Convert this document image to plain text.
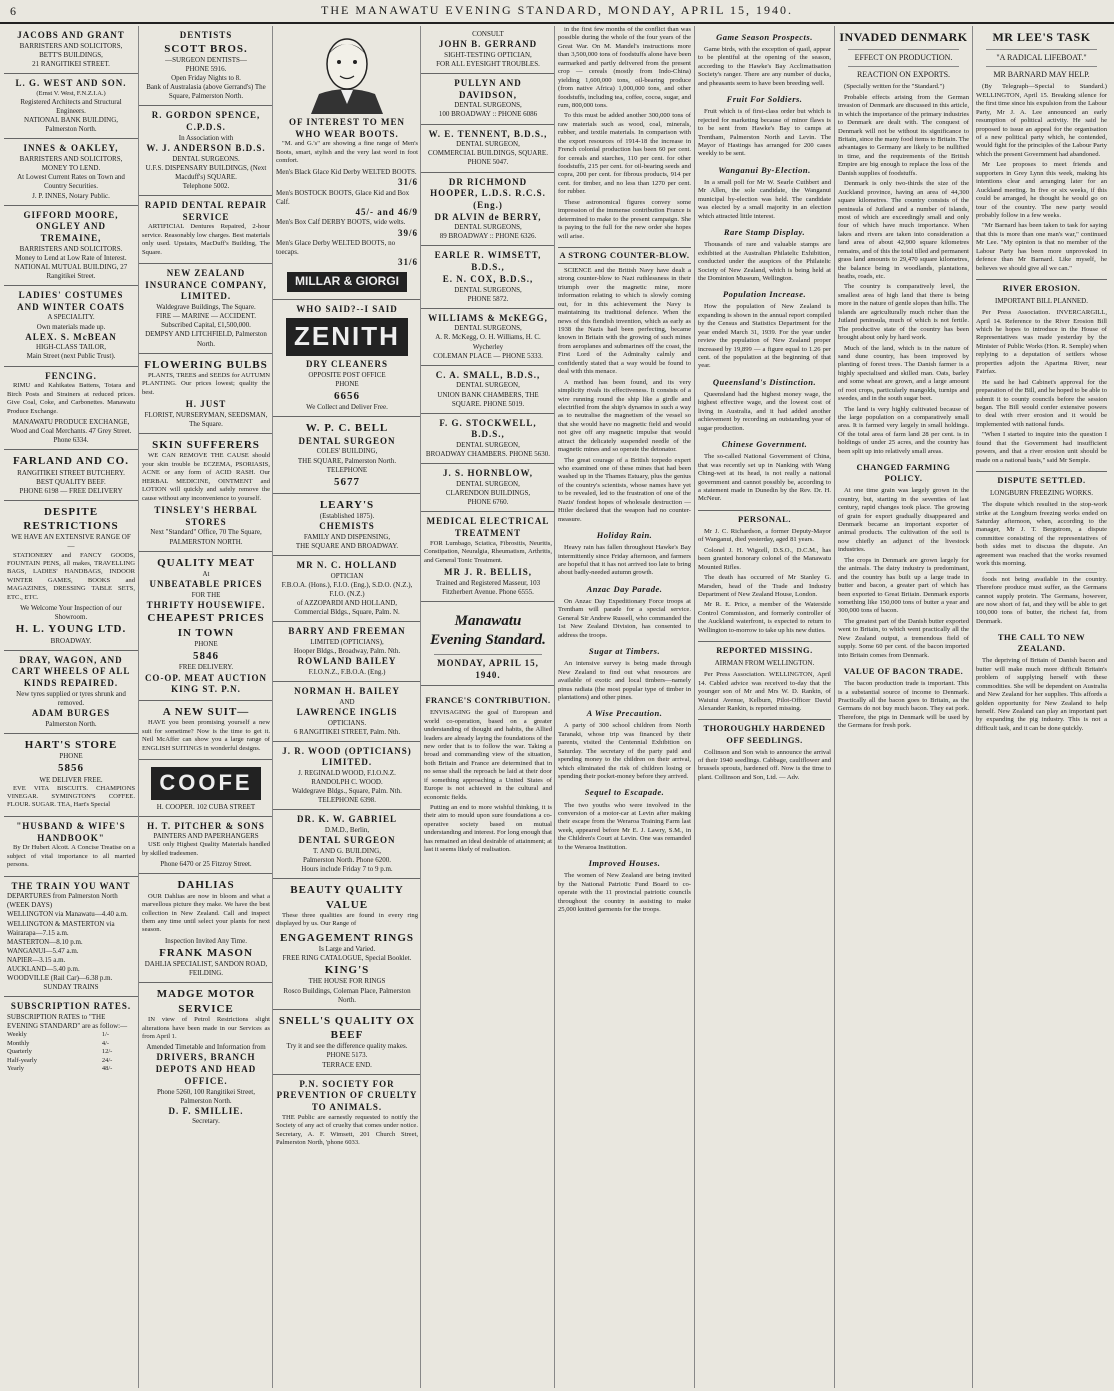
6	THE MANAWATU EVENING STANDARD, MONDAY, APRIL 15, 1940.
JACOBS AND GRANT
BARRISTERS AND SOLICITORS,
BETT'S BUILDINGS,
21 RANGITIKEI STREET.
L. G. WEST AND SON.
(Ernst V. West, F.N.Z.I.A.)
Registered Architects and Structural Engineers.
NATIONAL BANK BUILDING,
Palmerston North.
INNES & OAKLEY,
BARRISTERS AND SOLICITORS, MONEY TO LEND.
At Lowest Current Rates on Town and Country Securities.
J. P. INNES, Notary Public.
GIFFORD MOORE, ONGLEY AND TREMAINE,
BARRISTERS AND SOLICITORS.
Money to Lend at Low Rate of Interest.
NATIONAL MUTUAL BUILDING, 27 Rangitikei Street.
LADIES' COSTUMES AND WINTER COATS
A SPECIALITY.
Own materials made up.
ALEX. S. McBEAN
HIGH-CLASS TAILOR,
Main Street (next Public Trust).
FENCING.

RIMU and Kahikatea Battens, Totara and Birch Posts and Strainers at reduced prices. Give Coal, Coke, and Carbonettes. Manawatu Produce Exchange.

MANAWATU PRODUCE EXCHANGE,
Wood and Coal Merchants. 47 Grey Street. Phone 6334.
FARLAND AND CO.
RANGITIKEI STREET BUTCHERY.
BEST QUALITY BEEF.
PHONE 6198 — FREE DELIVERY
DESPITE RESTRICTIONS
WE HAVE AN EXTENSIVE RANGE OF —

STATIONERY and FANCY GOODS, FOUNTAIN PENS, all makes, TRAVELLING BAGS, LADIES' HANDBAGS, INDOOR WINTER GAMES, BOOKS and MAGAZINES, DRESSING TABLE SETS, ETC., ETC.

We Welcome Your Inspection of our Showroom.
H. L. YOUNG LTD.
BROADWAY.
DRAY, WAGON, AND CART WHEELS OF ALL KINDS REPAIRED.
New tyres supplied or tyres shrunk and removed.
ADAM BURGES
Palmerston North.
HART'S STORE
PHONE
5856
WE DELIVER FREE.

EVE VITA BISCUITS. CHAMPIONS VINEGAR. SYMINGTON'S COFFEE. FLOUR. SUGAR. TEA, Hart's Special

"HUSBAND & WIFE'S HANDBOOK"

By Dr Hubert Alcott. A Concise Treatise on a subject of vital importance to all married persons.

THE TRAIN YOU WANT
DEPARTURES from Palmerston North (WEEK DAYS)
WELLINGTON via Manawatu—4.40 a.m.
WELLINGTON & MASTERTON via Wairarapa—7.15 a.m.
MASTERTON—8.10 p.m.
WANGANUI—5.47 a.m.
NAPIER—3.15 a.m.
AUCKLAND—5.40 p.m.
WOODVILLE (Rail Car)—6.38 p.m.
SUNDAY TRAINS
SUBSCRIPTION RATES.
SUBSCRIPTION RATES to "THE EVENING STANDARD" are as follow:—
Weekly	1/-
Monthly	4/-
Quarterly	12/-
Half-yearly	24/-
Yearly	48/-
DENTISTS
SCOTT BROS.
—SURGEON DENTISTS—
PHONE 5916.
Open Friday Nights to 8.
Bank of Australasia (above Gerrand's) The Square, Palmerston North.
R. GORDON SPENCE, C.P.D.S.
In Association with
W. J. ANDERSON B.D.S.
DENTAL SURGEONS.
U.F.S. DISPENSARY BUILDINGS, (Next Macduff's) SQUARE.
Telephone 5002.
RAPID DENTAL REPAIR SERVICE

ARTIFICIAL Dentures Repaired, 2-hour service. Reasonably low charges. Best materials only used. Upstairs, MacDuff's Building, The Square.

NEW ZEALAND INSURANCE COMPANY, LIMITED.
Waldegrave Buildings, The Square.
FIRE — MARINE — ACCIDENT.
Subscribed Capital, £1,500,000.
DEMPSY AND LITCHFIELD, Palmerston North.
FLOWERING BULBS

PLANTS, TREES and SEEDS for AUTUMN PLANTING. Our prices lowest; quality the best.

H. JUST
FLORIST, NURSERYMAN, SEEDSMAN,
The Square.
SKIN SUFFERERS

WE CAN REMOVE THE CAUSE should your skin trouble be ECZEMA, PSORIASIS, ACNE or any form of ACID RASH. Our HERBAL MEDICINE, OINTMENT and LOTION will quickly and safely remove the cause without any inconvenience to yourself.

TINSLEY'S HERBAL STORES
Next "Standard" Office, 70 The Square, PALMERSTON NORTH.
QUALITY MEAT
At
UNBEATABLE PRICES
FOR THE
THRIFTY HOUSEWIFE.
CHEAPEST PRICES IN TOWN
PHONE
5846
FREE DELIVERY.
CO-OP. MEAT AUCTION KING ST. P.N.
A NEW SUIT—

HAVE you been promising yourself a new suit for sometime? Now is the time to get it. Neil McAffer can show you a large range of ENGLISH SUITINGS in wonderful designs.

COOFE
H. COOPER. 102 CUBA STREET
H. T. PITCHER & SONS
PAINTERS AND PAPERHANGERS

USE only Highest Quality Materials handled by skilled tradesmen.

Phone 6470 or 25 Fitzroy Street.
DAHLIAS

OUR Dahlias are now in bloom and what a marvellous picture they make. We have the best collection in New Zealand. Call and inspect them any time until select your plants for next season.

Inspection Invited Any Time.
FRANK MASON
DAHLIA SPECIALIST, SANDON ROAD, FEILDING.
MADGE MOTOR SERVICE

IN view of Petrol Restrictions slight alterations have been made in our Services as from April 1.

Amended Timetable and Information from
DRIVERS, BRANCH DEPOTS AND HEAD OFFICE.
Phone 5260, 100 Rangitikei Street, Palmerston North.
D. F. SMILLIE.
Secretary.
OF INTEREST TO MEN WHO WEAR BOOTS.

"M. and G.'s" are showing a fine range of Men's Boots, smart, stylish and the very last word in foot comfort.

Men's Black Glace Kid Derby WELTED BOOTS.
31/6
Men's BOSTOCK BOOTS, Glace Kid and Box Calf.
45/- and 46/9
Men's Box Calf DERBY BOOTS, wide welts.
39/6
Men's Glace Derby WELTED BOOTS, no toecaps.
31/6
MILLAR & GIORGI
WHO SAID?--I SAID
ZENITH
DRY CLEANERS
OPPOSITE POST OFFICE
PHONE
6656
We Collect and Deliver Free.
W. P. C. BELL
DENTAL SURGEON
COLES' BUILDING,
THE SQUARE, Palmerston North.
TELEPHONE
5677
LEARY'S
(Established 1875).
CHEMISTS
FAMILY AND DISPENSING,
THE SQUARE AND BROADWAY.
MR N. C. HOLLAND
OPTICIAN
F.B.O.A. (Hons.), F.I.O. (Eng.), S.D.O. (N.Z.), F.I.O. (N.Z.)
of AZZOPARDI AND HOLLAND,
Commercial Bldgs., Square, Palm. N.
BARRY AND FREEMAN
LIMITED (OPTICIANS),
Hooper Bldgs., Broadway, Palm. Nth.
ROWLAND BAILEY
F.I.O.N.Z., F.B.O.A. (Eng.)
NORMAN H. BAILEY
AND
LAWRENCE INGLIS
OPTICIANS.
6 RANGITIKEI STREET, Palm. Nth.
J. R. WOOD (OPTICIANS) LIMITED.
J. REGINALD WOOD, F.I.O.N.Z.
RANDOLPH C. WOOD.
Waldegrave Bldgs., Square, Palm. Nth.
TELEPHONE 6398.
DR. K. W. GABRIEL
D.M.D., Berlin,
DENTAL SURGEON
T. AND G. BUILDING,
Palmerston North. Phone 6200.
Hours include Friday 7 to 9 p.m.
BEAUTY QUALITY VALUE

These three qualities are found in every ring displayed by us. Our Range of

ENGAGEMENT RINGS
Is Large and Varied.
FREE RING CATALOGUE, Special Booklet.
KING'S
THE HOUSE FOR RINGS
Rosco Buildings, Coleman Place, Palmerston North.
SNELL'S QUALITY OX BEEF
Try it and see the difference quality makes.
PHONE 5173.
TERRACE END.
P.N. SOCIETY FOR PREVENTION OF CRUELTY TO ANIMALS.

THE Public are earnestly requested to notify the Society of any act of cruelty that comes under notice. Secretary, A. F. Wimsett, 201 Church Street, Palmerston North, 'phone 6033.

CONSULT
JOHN B. GERRAND
SIGHT-TESTING OPTICIAN,
FOR ALL EYESIGHT TROUBLES.
PULLYN AND DAVIDSON,
DENTAL SURGEONS,
100 BROADWAY :: PHONE 6086
W. E. TENNENT, B.D.S.,
DENTAL SURGEON,
COMMERCIAL BUILDINGS, SQUARE. PHONE 5047.
DR RICHMOND HOOPER, L.D.S. R.C.S. (Eng.)
DR ALVIN de BERRY,
DENTAL SURGEONS,
89 BROADWAY :: PHONE 6326.
EARLE R. WIMSETT, B.D.S.,
E. N. COX, B.D.S.,
DENTAL SURGEONS,
PHONE 5872.
WILLIAMS & McKEGG,
DENTAL SURGEONS,
A. R. McKegg, O. H. Williams, H. C. Wycherley
COLEMAN PLACE — PHONE 5333.
C. A. SMALL, B.D.S.,
DENTAL SURGEON,
UNION BANK CHAMBERS, THE SQUARE. PHONE 5019.
F. G. STOCKWELL, B.D.S.,
DENTAL SURGEON,
BROADWAY CHAMBERS. PHONE 5630.
J. S. HORNBLOW,
DENTAL SURGEON,
CLARENDON BUILDINGS,
PHONE 6760.
MEDICAL ELECTRICAL TREATMENT

FOR Lumbago, Sciatica, Fibrositis, Neuritis, Constipation, Neuralgia, Rheumatism, Arthritis, and General Tonic Treatment.

MR J. R. BELLIS,
Trained and Registered Masseur, 103 Fitzherbert Avenue. Phone 6555.
Manawatu
Evening Standard.
MONDAY, APRIL 15, 1940.
FRANCE'S CONTRIBUTION.

ENVISAGING the goal of European and world co-operation, based on a greater understanding of thought and habits, the Allied leaders are already laying the foundations of the new order that is to follow the war. Taking a broad and commanding view of the situation, both Britain and France are determined that in no sense shall the reproach be laid at their door if something approaching a United States of Europe is not achieved in the cultural and economic fields.

Putting an end to more wishful thinking, it is their aim to mould upon sure foundations a co-operative society based on mutual understanding and interest. For long enough that has remained an ideal desirable of attainment; at last it seems likely of realisation.

in the first few months of the conflict than was possible during the whole of the four years of the Great War. On M. Mandel's instructions more than 3,500,000 tons of foodstuffs alone have been earmarked and partly delivered from the present crop — cereals (mostly from Indo-China) yielding 1,600,000 tons, oil-bearing produce (from native Africa) 1,000,000 tons, and other foodstuffs, including tea, coffee, cocoa, sugar, and rum, 800,000 tons.

To this must be added another 300,000 tons of raw materials such as wood, coal, minerals, rubber, and textile materials. In comparison with the export resources of 1914-18 the increase in French colonial production has been 60 per cent. for cereals and starches, 110 per cent. for other foodstuffs, 215 per cent. for oil-bearing seeds and copra, 200 per cent. for fibrous products, 914 per cent. for timber, and no less than 1270 per cent. for rubber.

These astronomical figures convey some impression of the immense contribution France is determined to make to the present campaign. She is paying to the full for the new order she hopes will arise.

A STRONG COUNTER-BLOW.

SCIENCE and the British Navy have dealt a strong counter-blow to Nazi ruthlessness in their triumph over the magnetic mine, more information relating to which is slowly coming out, for in this achievement the Navy is maintaining its traditional defence. When the news of this fiendish invention, which as early as 1938 the Nazis had been perfecting, became known in Britain with the growing of such mines from aeroplanes and submarines off the coast, the First Lord of the Admiralty calmly and confidently stated that a way would be found to deal with this menace.

A method has been found, and its very simplicity rivals its effectiveness. It consists of a wire running round the ship like a girdle and electrified from the ship's dynamos in such a way as to neutralise the magnetism of the vessel so that she would have no magnetic field and would not give off any magnetic impulse that would attract the delicately suspended needle of the magnetic mines and so operate the detonator.

The great courage of a British torpedo expert who examined one of these mines that had been washed up in the Thames Estuary, plus the genius of the country's scientists, whose names have yet to be revealed, led to the frustration of one of the Nazis' fondest hopes of wholesale destruction — Hitler declared that the weapon had no counter-measure.

Holiday Rain.

Heavy rain has fallen throughout Hawke's Bay intermittently since Friday afternoon, and farmers are hopeful that it has not arrived too late to bring about badly-needed autumn growth.

Anzac Day Parade.

On Anzac Day Expeditionary Force troops at Trentham will parade for a special service. General Sir Andrew Russell, who commanded the 1st New Zealand Division, has consented to address the troops.

Sugar at Timbers.

An intensive survey is being made through New Zealand to find out what resources are available of exotic and local timbers—namely pinus radiata (the most popular type of timber in plantations) and other pines.

A Wise Precaution.

A party of 300 school children from North Taranaki, whose trip was financed by their parents, visited the Centennial Exhibition on Saturday. The secretary of the party paid and spending money to the children on their arrival, which eliminated the risk of children losing or spending their pocket-money before they arrived.

Sequel to Escapade.

The two youths who were involved in the conversion of a motor-car at Levin after making their escape from the Weraroa Training Farm last week, appeared before Mr E. J. Lawry, S.M., in the Children's Court at Levin. One was remanded to the Weraroa Institution.

Improved Houses.

The women of New Zealand are being invited by the National Patriotic Fund Board to co-operate with the 11 provincial patriotic councils throughout the country in assisting to make 25,000 knitted garments for the troops.

Game Season Prospects.

Game birds, with the exception of quail, appear to be plentiful at the opening of the season, according to the Hawke's Bay Acclimatisation Society's ranger. There are any number of ducks, and pheasants seem to have been breeding well.

Fruit For Soldiers.

Fruit which is of first-class order but which is rejected for marketing because of minor flaws is to be sent from Hawke's Bay to camps at Trentham, Palmerston North and Levin. The Mayor of Hastings has arranged for 200 cases weekly to be sent.

Wanganui By-Election.

In a small poll for Mr W. Searle Cuthbert and Mr Allen, the sole candidate, the Wanganui municipal by-election was held. The candidate was elected by a small majority in an election which attracted little interest.

Rare Stamp Display.

Thousands of rare and valuable stamps are exhibited at the Australian Philatelic Exhibition, conducted under the auspices of the Philatelic Society of New Zealand, which is being held at the Dominion Museum, Wellington.

Population Increase.

How the population of New Zealand is expanding is shown in the annual report compiled by the Census and Statistics Department for the year ended March 31, 1939. For the year under review the population of New Zealand proper increased by 19,899 — a figure equal to 1.26 per cent. of the population at the beginning of that year.

Queensland's Distinction.

Queensland had the highest money wage, the highest effective wage, and the lowest cost of living in Australia, and it had added another achievement by recording an outstanding year of sugar production.

Chinese Government.

The so-called National Government of China, that was recently set up in Nanking with Wang Ching-wei at its head, is not really a national government and cannot possibly be, according to a statement made in Dunedin by the Rev. Dr. H. McNeur.

PERSONAL.

Mr J. C. Richardson, a former Deputy-Mayor of Wanganui, died yesterday, aged 81 years.

Colonel J. H. Wigzell, D.S.O., D.C.M., has been granted honorary colonel of the Manawatu Mounted Rifles.

The death has occurred of Mr Stanley G. Marsden, head of the Trade and Industry Department of New Zealand House, London.

Mr R. E. Price, a member of the Waterside Control Commission, and formerly controller of the Auckland waterfront, is expected to return to Wellington to-morrow to take up his new duties.

REPORTED MISSING.
AIRMAN FROM WELLINGTON.

Per Press Association. WELLINGTON, April 14. Cabled advice was received to-day that the younger son of Mr and Mrs W. D. Rankin, of Waiuiui Avenue, Kelburn, Pilot-Officer David Alexander Rankin, is reported missing.

THOROUGHLY HARDENED OFF SEEDLINGS.

Collinson and Son wish to announce the arrival of their 1940 seedlings. Cabbage, cauliflower and brussels sprouts, hardened off. Now is the time to plant. Collinson and Son, Ltd. — Adv.

INVADED DENMARK
EFFECT ON PRODUCTION.
REACTION ON EXPORTS.

(Specially written for the "Standard.")

Probable effects arising from the German invasion of Denmark are discussed in this article, in which the importance of the primary industries to Denmark are dealt with. The conquest of Denmark will not be without its significance to Britain, since the many food items to Britain. The advantages to Germany are likely to be nullified in time, and the requirements of the British Empire are big enough to replace the loss of the Danish supplies of foodstuffs.

Denmark is only two-thirds the size of the Auckland province, having an area of 44,300 square kilometres. The country consists of the peninsula of Jutland and a number of islands, most of which are exceedingly small and only four of which have much importance. When lakes and rivers are taken into consideration a land area of about 42,900 square kilometres remains, and of this the total tilled and permanent grass land amounts to 29,470 square kilometres, the balance being in woodlands, plantations, heaths, roads, etc.

The country is comparatively level, the smallest area of high land that there is being more in the nature of gentle slopes than hills. The islands are agriculturally much richer than the Jutland peninsula, much of which is not fertile. The productive state of the country has been brought about only by hard work.

Much of the land, which is in the nature of sand dune country, has been improved by planting of forest trees. The Danish farmer is a highly specialised and skilled man. Oats, barley and some wheat are grown, and a large amount of root crops, particularly mangolds, turnips and swedes, and in the south sugar beet.

The land is very highly cultivated because of the large population on a comparatively small area. It is farmed very largely in small holdings. Of the total area of farm land 28 per cent. is in holdings of under 25 acres, and the country has been split up into relatively small areas.

CHANGED FARMING POLICY.

At one time grain was largely grown in the country, but, starting in the seventies of last century, rapid changes took place. The growing of grain for export gradually disappeared and Denmark became an important exporter of animal products. The cultivation of the soil is now chiefly an adjunct of the livestock industries.

The crops in Denmark are grown largely for the animals. The dairy industry is predominant, and the country has built up a large trade in butter and bacon, a greater part of which has been exported to Great Britain. Denmark exports something like 150,000 tons of butter a year and 300,000 tons of bacon.

The greatest part of the Danish butter exported went to Britain, to which went practically all the New Zealand output, a tremendous field of supply. Some 60 per cent. of the bacon imported into Britain comes from Denmark.

VALUE OF BACON TRADE.

The bacon production trade is important. This is a substantial source of income to Denmark. Practically all the bacon goes to Britain, as the Germans do not buy much bacon. They eat pork. Therefore, the pigs in Denmark will be used by the Germans for fresh pork.

MR LEE'S TASK
"A RADICAL LIFEBOAT."
MR BARNARD MAY HELP.

(By Telegraph—Special to Standard.) WELLINGTON, April 15. Breaking silence for the first time since his expulsion from the Labour Party, Mr J. A. Lee announced an early resumption of political activity. He said he proposed to issue an appeal for the organisation of a new political party which, he contended, would fight for the principles of the Labour Party which the present Government had abandoned.

Mr Lee proposes to meet friends and supporters in Grey Lynn this week, making his intentions clear and arranging later for an Auckland meeting. In five or six weeks, if this could be arranged, he thought he would go on tour of the country. The new party would probably follow in a few weeks.

"Mr Barnard has been taken to task for saying that this is more than one man's war," continued Mr Lee. "My opinion is that no member of the Labour Party has been more unprovoked in defence than Mr Barnard. Like myself, he believes we should give all we can."

RIVER EROSION.
IMPORTANT BILL PLANNED.

Per Press Association. INVERCARGILL, April 14. Reference to the River Erosion Bill which he hopes to introduce in the House of Representatives was made yesterday by the Minister of Public Works (Hon. R. Semple) when replying to a deputation of settlers whose properties adjoin the Aparima River, near Fairfax.

He said he had Cabinet's approval for the preparation of the Bill, and he hoped to be able to submit it to county councils before the session began. The Bill would confer extensive powers to deal with river erosion and it would be implemented with national funds.

"When I started to inquire into the question I found that the Government had insufficient powers, and that a river erosion unit should be made on a national basis," said Mr Semple.

DISPUTE SETTLED.
LONGBURN FREEZING WORKS.

The dispute which resulted in the stop-work strike at the Longburn freezing works ended on Saturday afternoon, when, according to the manager, Mr J. T. Bergstrom, a dispute committee consisting of the representatives of both sides met to discuss the dispute. An agreement was reached that the works resumed work this morning.

foods not being available in the country. Therefore produce must suffer, as the Germans cannot supply protein. The Germans, however, are now short of fat, and they will be able to get 100,000 tons of butter, the richest fat, from Denmark.

THE CALL TO NEW ZEALAND.

The depriving of Britain of Danish bacon and butter will make much more difficult Britain's problem of supplying herself with these commodities. She will be dependent on Australia and New Zealand for her supplies. This affords a golden opportunity for New Zealand to help herself. New Zealand can play an important part by expanding the pig industry. This is not a difficult task, and it can be done quickly.
